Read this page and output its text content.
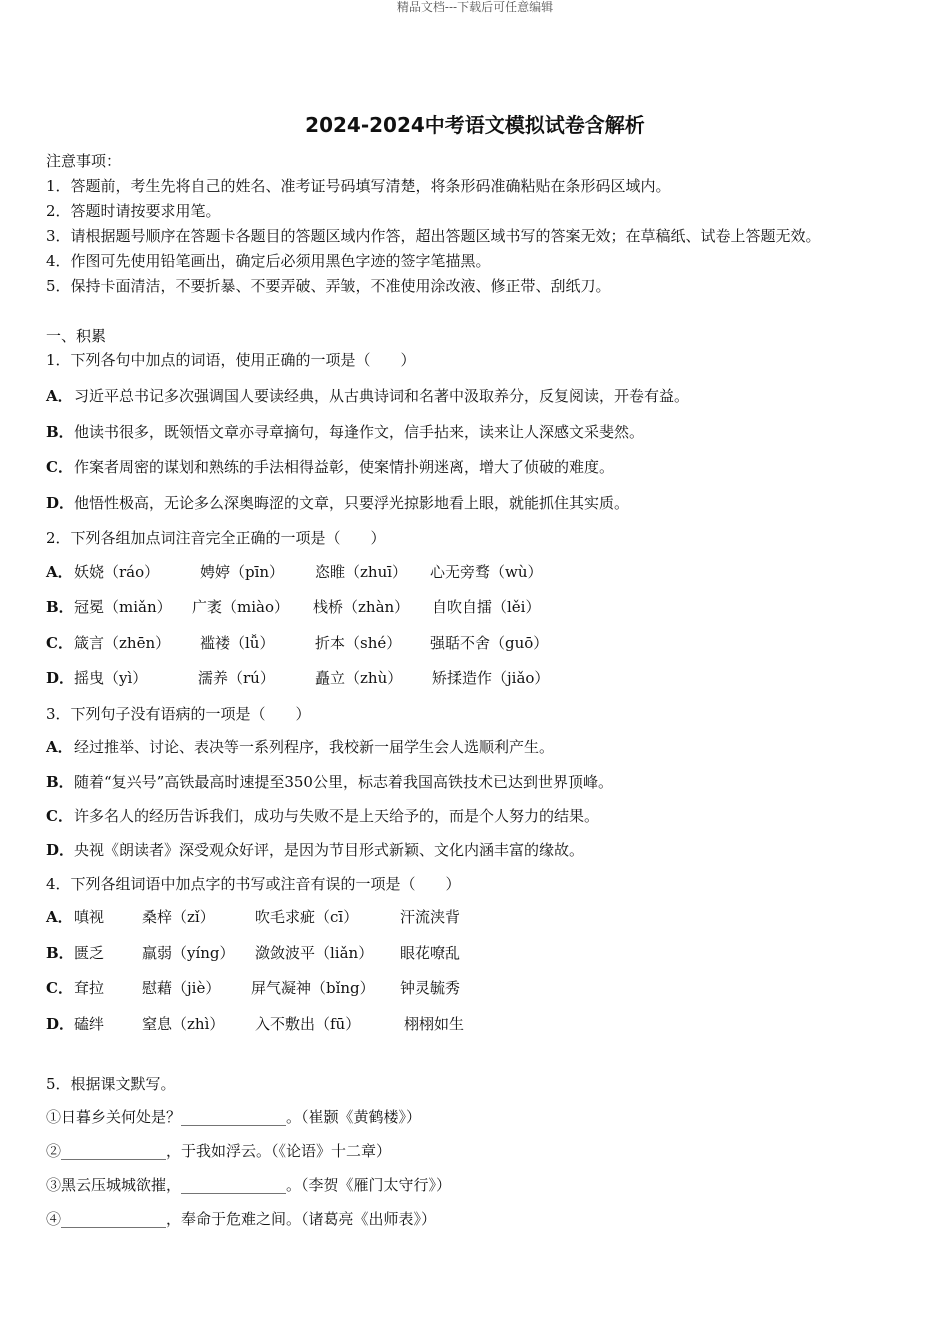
精品文档---下载后可任意编辑
2024-2024中考语文模拟试卷含解析
注意事项：
1．答题前，考生先将自己的姓名、准考证号码填写清楚，将条形码准确粘贴在条形码区域内。
2．答题时请按要求用笔。
3．请根据题号顺序在答题卡各题目的答题区域内作答，超出答题区域书写的答案无效；在草稿纸、试卷上答题无效。
4．作图可先使用铅笔画出，确定后必须用黑色字迹的签字笔描黑。
5．保持卡面清洁，不要折暴、不要弄破、弄皱，不准使用涂改液、修正带、刮纸刀。
一、积累
1．下列各句中加点的词语，使用正确的一项是（　　）
A．习近平总书记多次强调国人要读经典，从古典诗词和名著中汲取养分，反复阅读，开卷有益。
B．他读书很多，既领悟文章亦寻章摘句，每逢作文，信手拈来，读来让人深感文采斐然。
C．作案者周密的谋划和熟练的手法相得益彰，使案情扑朔迷离，增大了侦破的难度。
D．他悟性极高，无论多么深奥晦涩的文章，只要浮光掠影地看上眼，就能抓住其实质。
2．下列各组加点词注音完全正确的一项是（　　）
A． 妖娆（ráo）	娉婷（pīn） 恣睢（zhuī） 心无旁骛（wù）
B． 冠冕（miǎn） 广袤（miào） 栈桥（zhàn） 自吹自擂（lěi）
C． 箴言（zhēn） 褴褛（lǚ）	折本（shé） 强聒不舍（guō）
D． 摇曳（yì）	濡养（rú）	矗立（zhù） 矫揉造作（jiǎo）
3．下列句子没有语病的一项是（　　）
A．经过推举、讨论、表决等一系列程序，我校新一届学生会人选顺利产生。
B．随着“复兴号”高铁最高时速提至350公里，标志着我国高铁技术已达到世界顶峰。
C．许多名人的经历告诉我们，成功与失败不是上天给予的，而是个人努力的结果。
D．央视《朗读者》深受观众好评，是因为节目形式新颖、文化内涵丰富的缘故。
4．下列各组词语中加点字的书写或注音有误的一项是（　　）
A． 嗔视	桑梓（zǐ）	吹毛求疵（cī）	汗流浃背
B． 匮乏	羸弱（yíng） 潋敛波平（liǎn） 眼花嘹乱
C． 耷拉	慰藉（jiè） 屏气凝神（bǐng） 钟灵毓秀
D． 磕绊	窒息（zhì） 入不敷出（fū）	栩栩如生
5．根据课文默写。
①日暮乡关何处是？______________。（崔颢《黄鹤楼》）
②______________，于我如浮云。（《论语》十二章）
③黑云压城城欲摧，______________。（李贺《雁门太守行》）
④______________，奉命于危难之间。（诸葛亮《出师表》）
